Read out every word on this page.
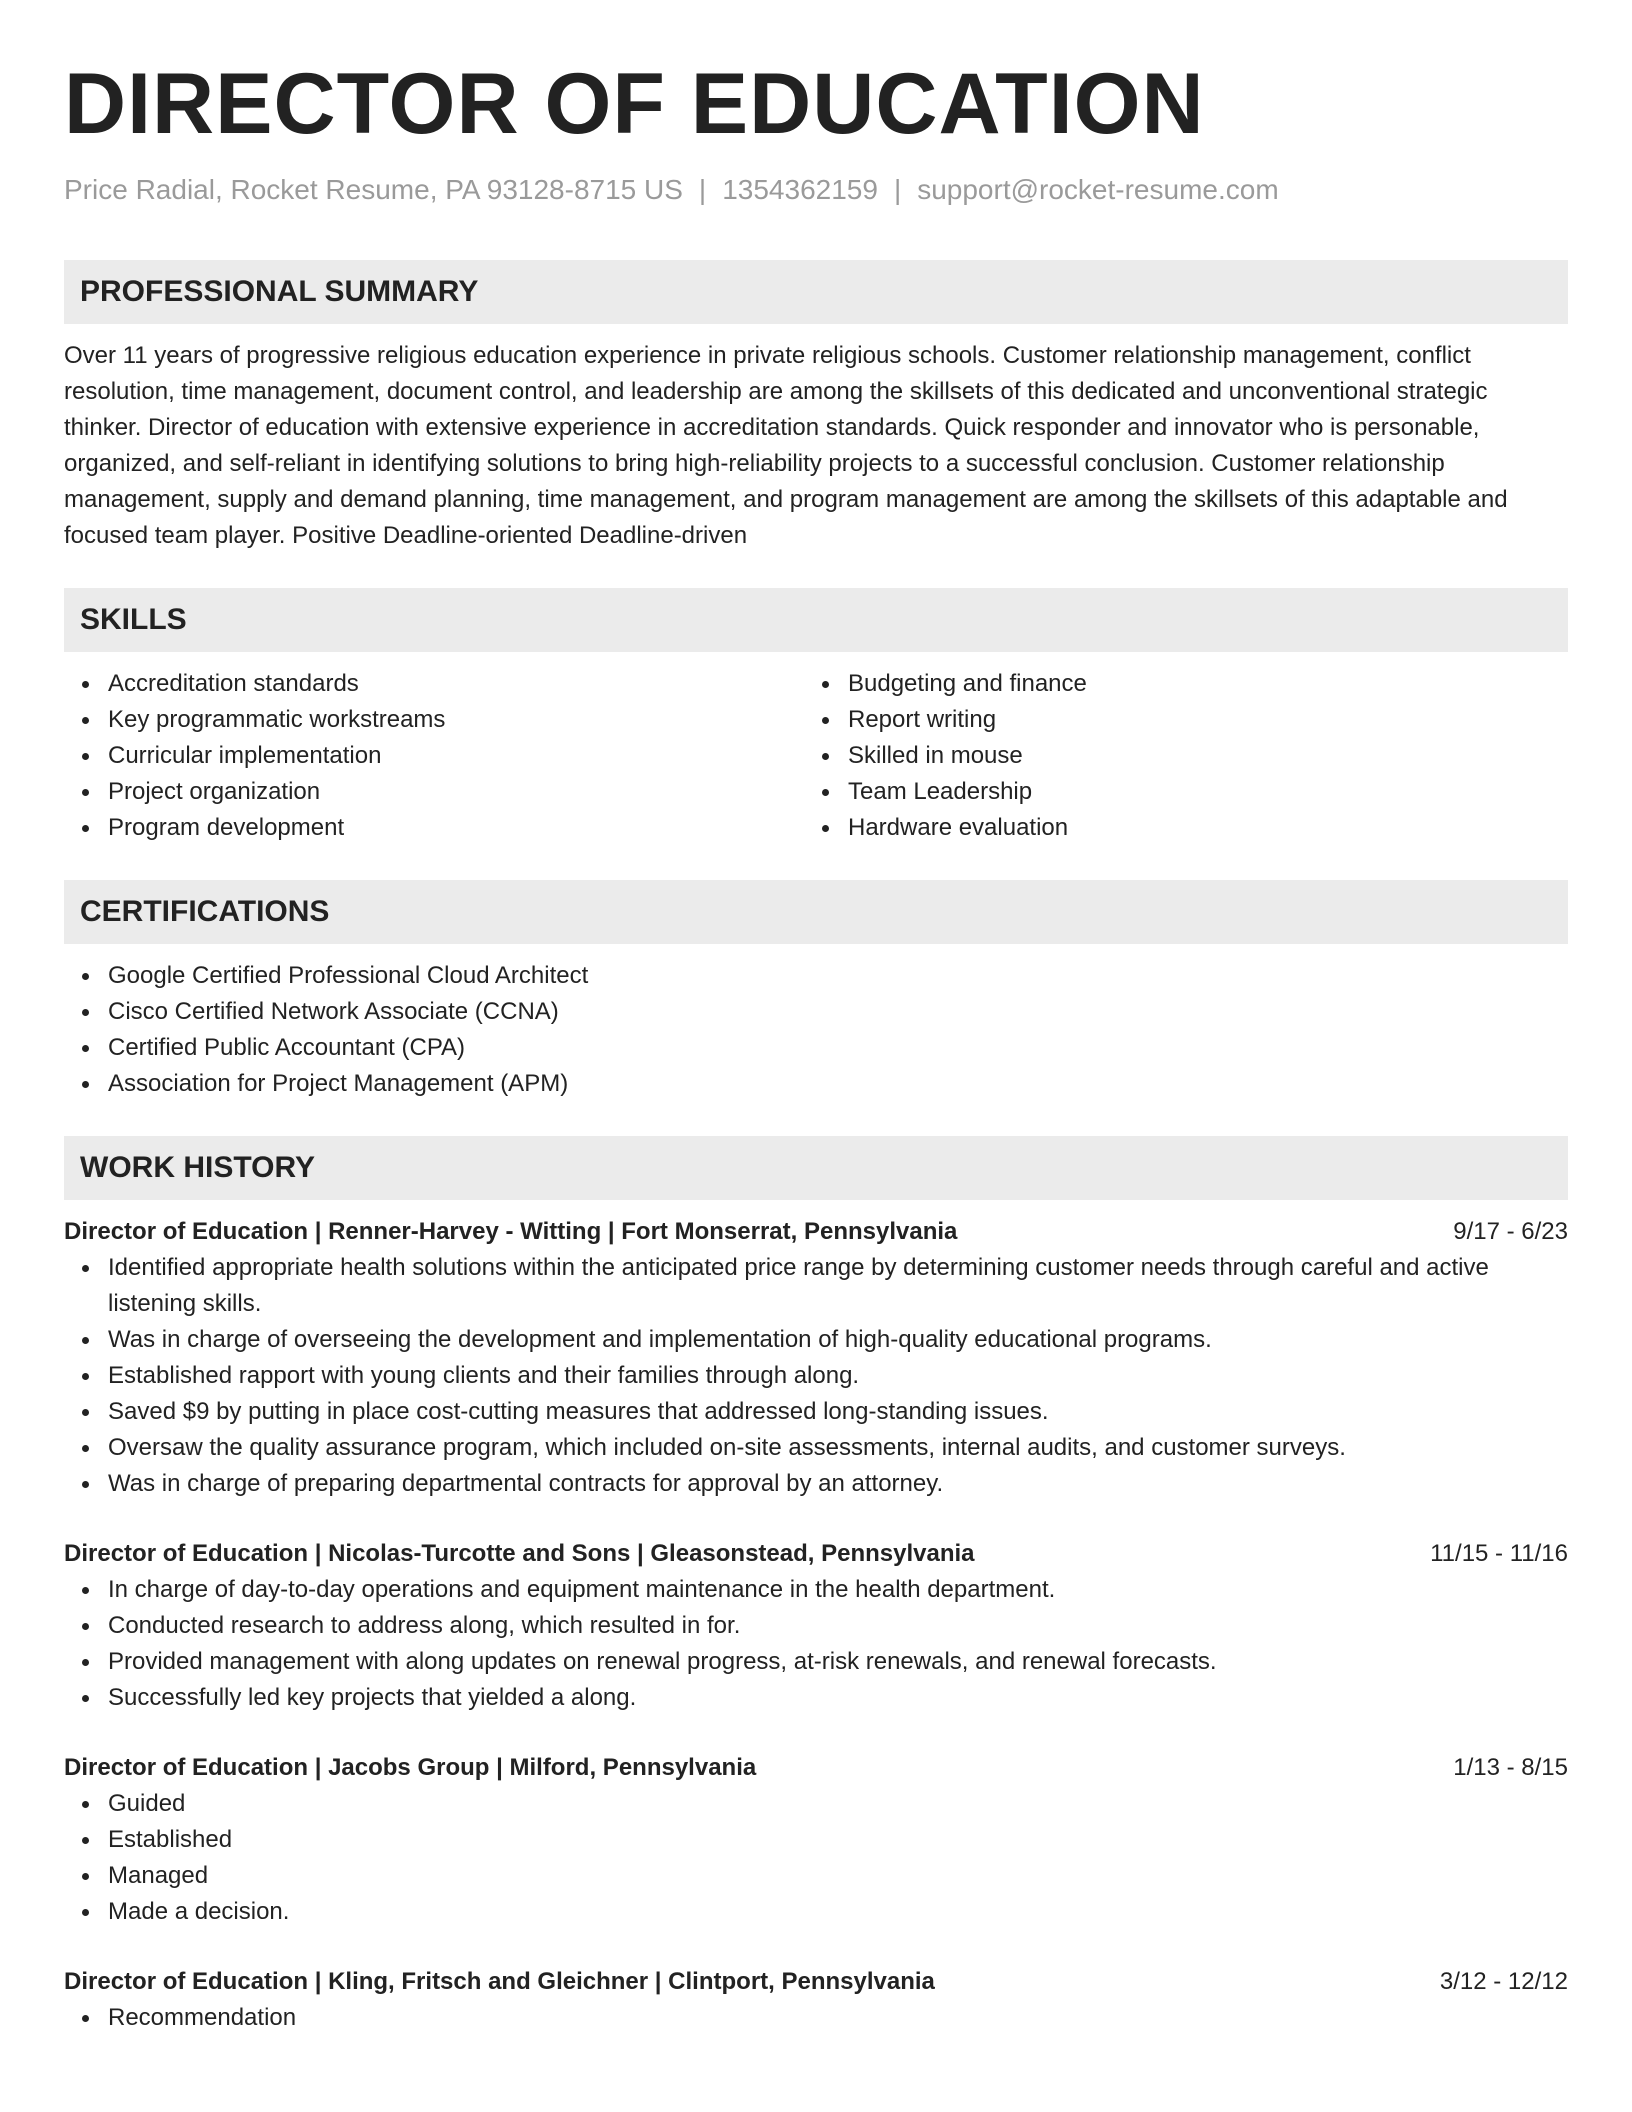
DIRECTOR OF EDUCATION
Price Radial, Rocket Resume, PA 93128-8715 US | 1354362159 | support@rocket-resume.com
PROFESSIONAL SUMMARY
Over 11 years of progressive religious education experience in private religious schools. Customer relationship management, conflict resolution, time management, document control, and leadership are among the skillsets of this dedicated and unconventional strategic thinker. Director of education with extensive experience in accreditation standards. Quick responder and innovator who is personable, organized, and self-reliant in identifying solutions to bring high-reliability projects to a successful conclusion. Customer relationship management, supply and demand planning, time management, and program management are among the skillsets of this adaptable and focused team player. Positive Deadline-oriented Deadline-driven
SKILLS
Accreditation standards
Key programmatic workstreams
Curricular implementation
Project organization
Program development
Budgeting and finance
Report writing
Skilled in mouse
Team Leadership
Hardware evaluation
CERTIFICATIONS
Google Certified Professional Cloud Architect
Cisco Certified Network Associate (CCNA)
Certified Public Accountant (CPA)
Association for Project Management (APM)
WORK HISTORY
Director of Education | Renner-Harvey - Witting | Fort Monserrat, Pennsylvania	9/17 - 6/23
Identified appropriate health solutions within the anticipated price range by determining customer needs through careful and active listening skills.
Was in charge of overseeing the development and implementation of high-quality educational programs.
Established rapport with young clients and their families through along.
Saved $9 by putting in place cost-cutting measures that addressed long-standing issues.
Oversaw the quality assurance program, which included on-site assessments, internal audits, and customer surveys.
Was in charge of preparing departmental contracts for approval by an attorney.
Director of Education | Nicolas-Turcotte and Sons | Gleasonstead, Pennsylvania	11/15 - 11/16
In charge of day-to-day operations and equipment maintenance in the health department.
Conducted research to address along, which resulted in for.
Provided management with along updates on renewal progress, at-risk renewals, and renewal forecasts.
Successfully led key projects that yielded a along.
Director of Education | Jacobs Group | Milford, Pennsylvania	1/13 - 8/15
Guided
Established
Managed
Made a decision.
Director of Education | Kling, Fritsch and Gleichner | Clintport, Pennsylvania	3/12 - 12/12
Recommendation
